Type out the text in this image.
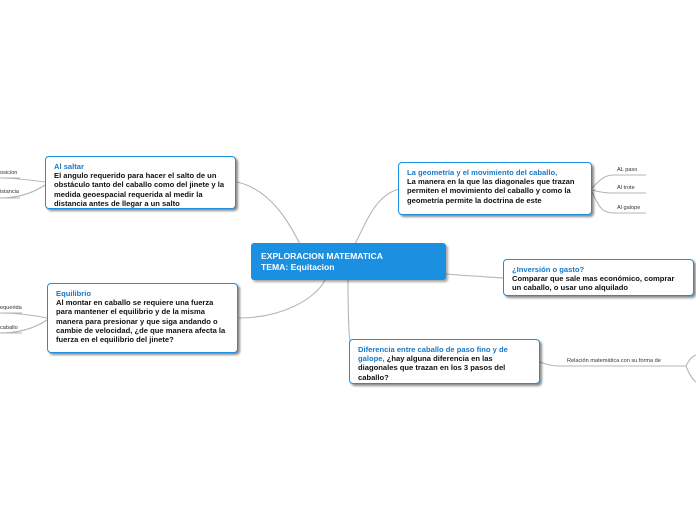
EXPLORACION MATEMATICA
TEMA: Equitacion
Al saltar
El angulo requerido para hacer el salto de un obstáculo tanto del caballo como del jinete y la medida geoespacial requerida al medir la distancia antes de llegar a un salto
Equilibrio
Al montar en caballo se requiere una fuerza para mantener el equilibrio y de la misma manera para presionar y que siga andando o cambie de velocidad, ¿de que manera afecta la fuerza en el equilibrio del jinete?
La geometría y el movimiento del caballo,
La manera en la que las diagonales que trazan permiten el movimiento del caballo y como la geometría permite la doctrina de este
¿Inversión o gasto?
Comparar que sale mas económico, comprar un caballo, o usar uno alquilado
Diferencia entre caballo de paso fino y de galope, ¿hay alguna diferencia en las diagonales que trazan en los 3 pasos del caballo?
osicion
istancia
equerida
caballo
AL paso
Al trote
Al galope
Relación matemática con su forma de
